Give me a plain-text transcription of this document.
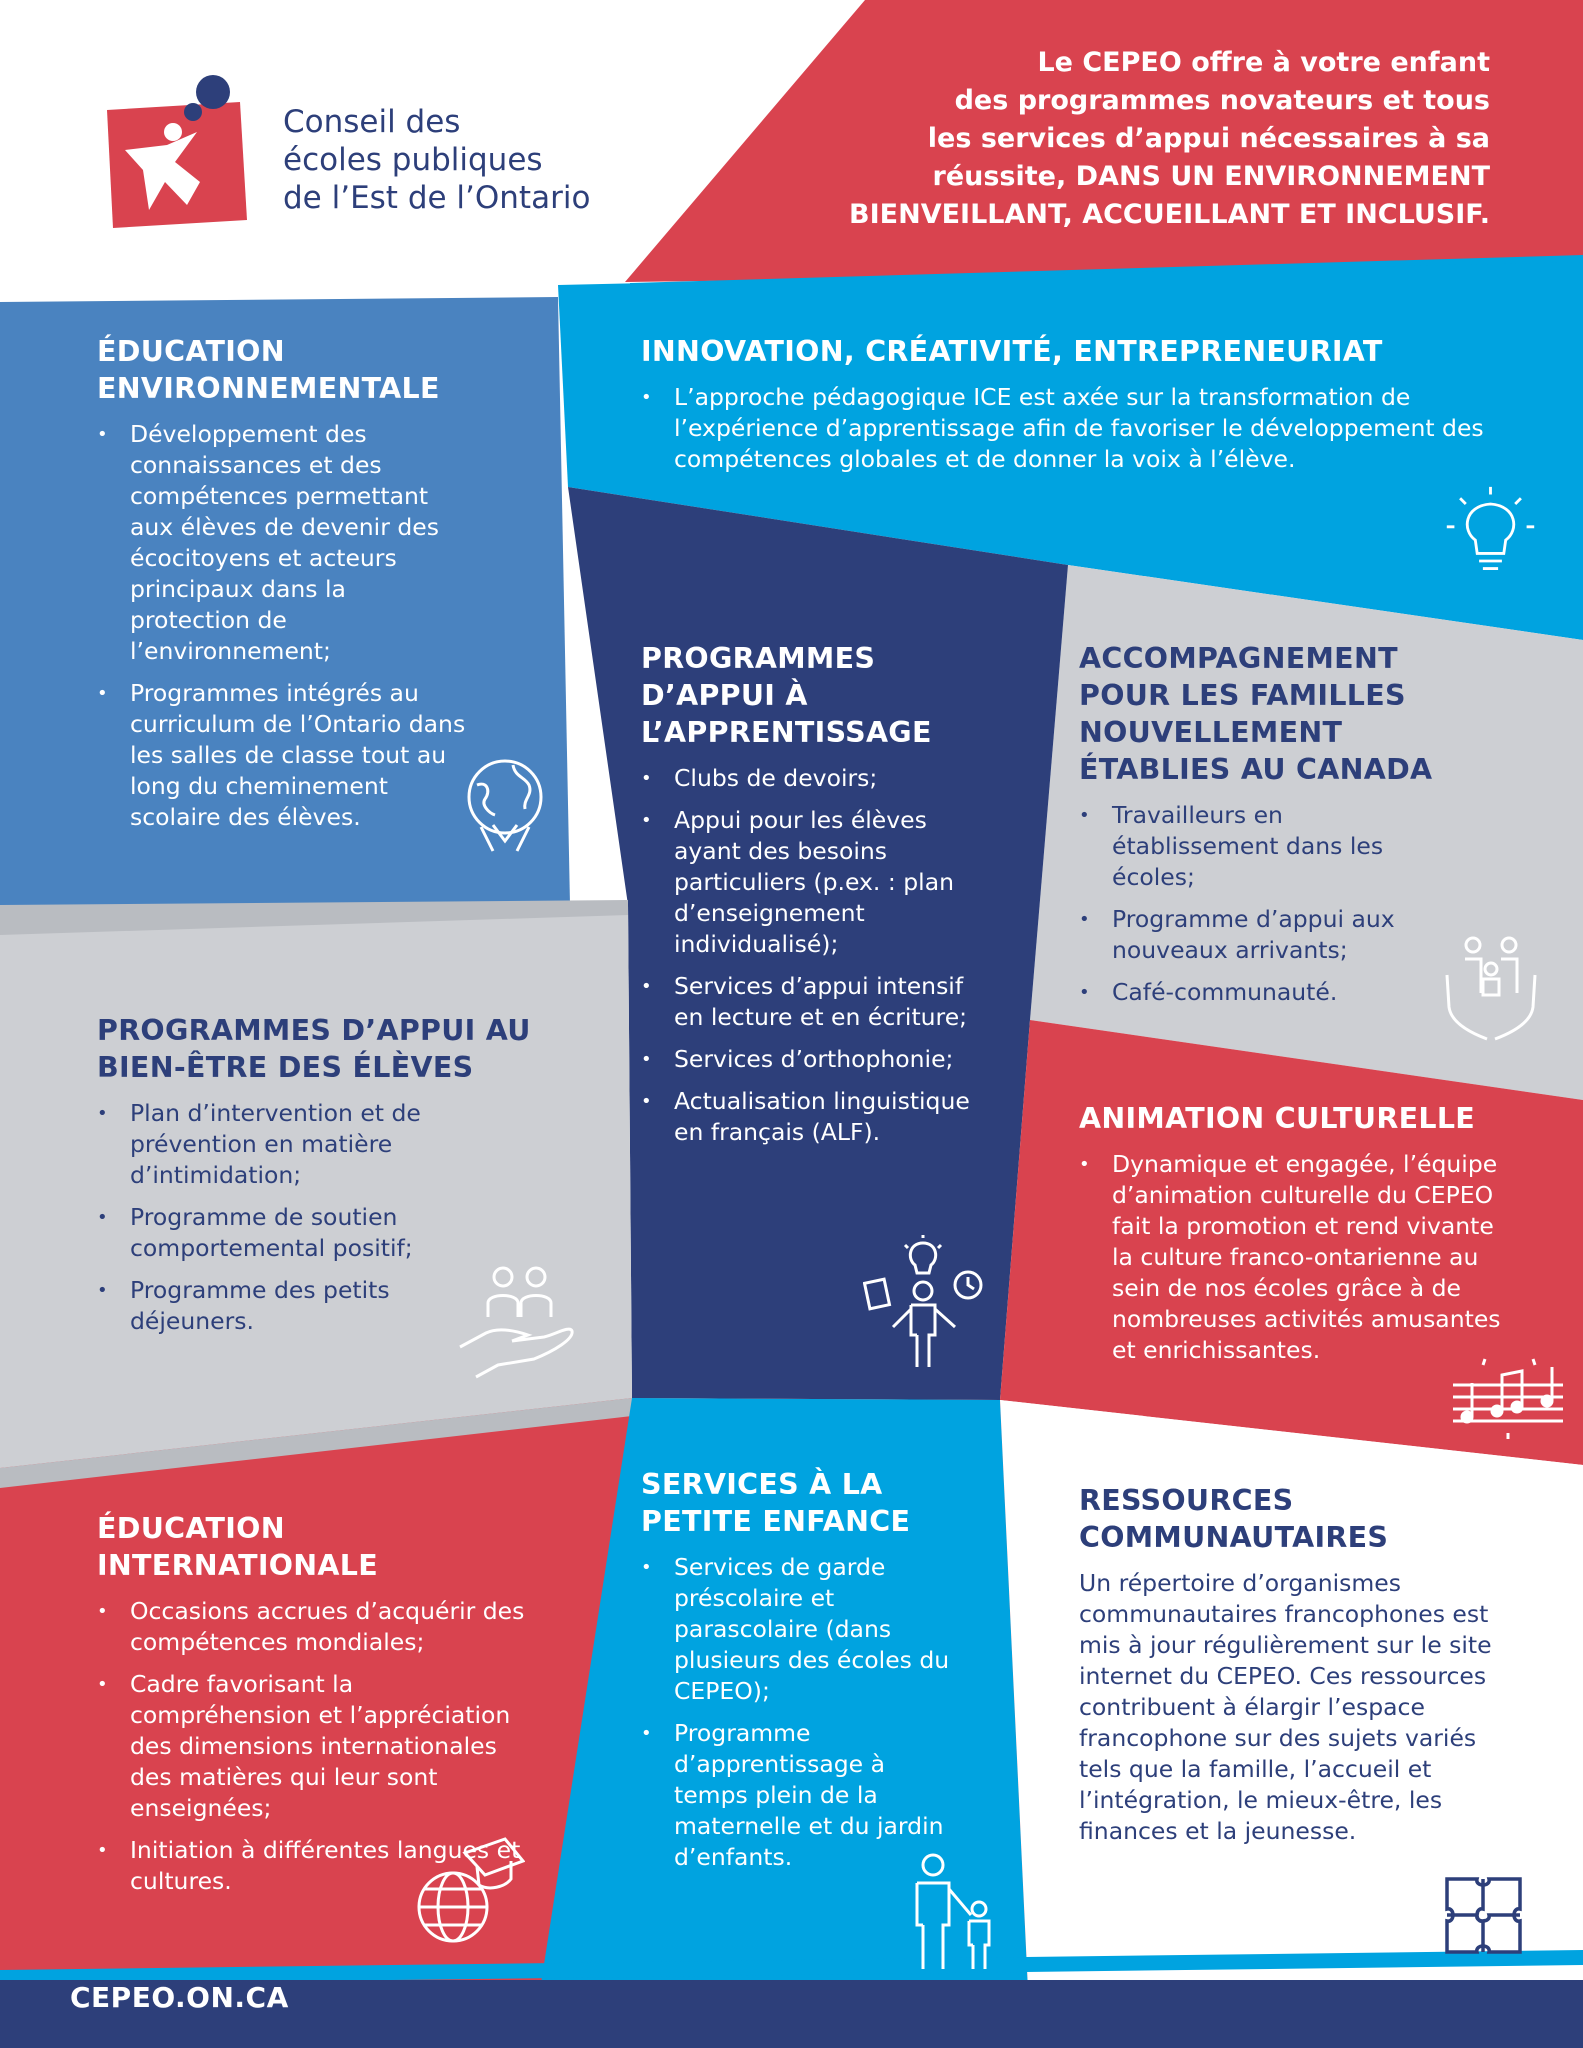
Conseil des
écoles publiques
de l’Est de l’Ontario
Le CEPEO offre à votre enfant
des programmes novateurs et tous
les services d’appui nécessaires à sa
réussite, DANS UN ENVIRONNEMENT
BIENVEILLANT, ACCUEILLANT ET INCLUSIF.
ÉDUCATION
ENVIRONNEMENTALE
• Développement des connaissances et des compétences permettant aux élèves de devenir des écocitoyens et acteurs principaux dans la protection de l’environnement;
• Programmes intégrés au curriculum de l’Ontario dans les salles de classe tout au long du cheminement scolaire des élèves.
INNOVATION, CRÉATIVITÉ, ENTREPRENEURIAT
• L’approche pédagogique ICE est axée sur la transformation de l’expérience d’apprentissage afin de favoriser le développement des compétences globales et de donner la voix à l’élève.
PROGRAMMES
D’APPUI À
L’APPRENTISSAGE
• Clubs de devoirs;
• Appui pour les élèves ayant des besoins particuliers (p.ex. : plan d’enseignement individualisé);
• Services d’appui intensif en lecture et en écriture;
• Services d’orthophonie;
• Actualisation linguistique en français (ALF).
ACCOMPAGNEMENT
POUR LES FAMILLES
NOUVELLEMENT
ÉTABLIES AU CANADA
• Travailleurs en établissement dans les écoles;
• Programme d’appui aux nouveaux arrivants;
• Café-communauté.
PROGRAMMES D’APPUI AU
BIEN-ÊTRE DES ÉLÈVES
• Plan d’intervention et de prévention en matière d’intimidation;
• Programme de soutien comportemental positif;
• Programme des petits déjeuners.
ANIMATION CULTURELLE
• Dynamique et engagée, l’équipe d’animation culturelle du CEPEO fait la promotion et rend vivante la culture franco-ontarienne au sein de nos écoles grâce à de nombreuses activités amusantes et enrichissantes.
ÉDUCATION
INTERNATIONALE
• Occasions accrues d’acquérir des compétences mondiales;
• Cadre favorisant la compréhension et l’appréciation des dimensions internationales des matières qui leur sont enseignées;
• Initiation à différentes langues et cultures.
SERVICES À LA
PETITE ENFANCE
• Services de garde préscolaire et parascolaire (dans plusieurs des écoles du CEPEO);
• Programme d’apprentissage à temps plein de la maternelle et du jardin d’enfants.
RESSOURCES
COMMUNAUTAIRES

Un répertoire d’organismes communautaires francophones est mis à jour régulièrement sur le site internet du CEPEO. Ces ressources contribuent à élargir l’espace francophone sur des sujets variés tels que la famille, l’accueil et l’intégration, le mieux-être, les finances et la jeunesse.

CEPEO.ON.CA
